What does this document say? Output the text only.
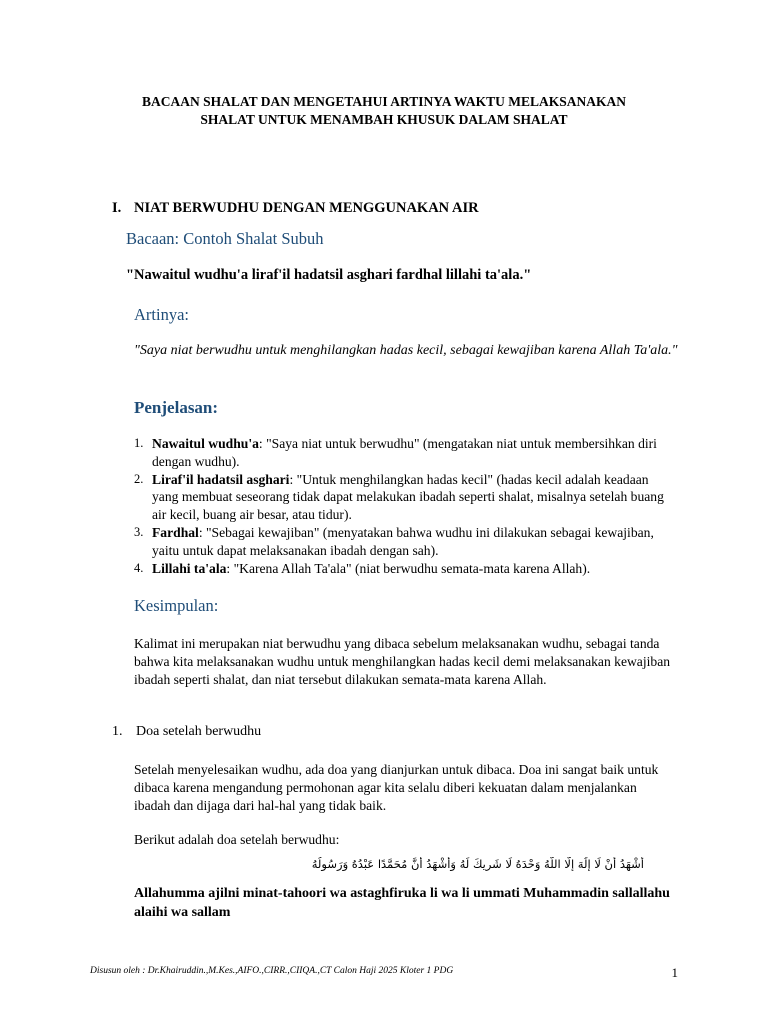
BACAAN SHALAT DAN MENGETAHUI ARTINYA WAKTU MELAKSANAKAN
SHALAT UNTUK MENAMBAH KHUSUK DALAM SHALAT
I. NIAT BERWUDHU DENGAN MENGGUNAKAN AIR
Bacaan: Contoh Shalat Subuh
"Nawaitul wudhu'a liraf'il hadatsil asghari fardhal lillahi ta'ala."
Artinya:
"Saya niat berwudhu untuk menghilangkan hadas kecil, sebagai kewajiban karena Allah Ta'ala."
Penjelasan:
1. Nawaitul wudhu'a: "Saya niat untuk berwudhu" (mengatakan niat untuk membersihkan diri dengan wudhu).
2. Liraf'il hadatsil asghari: "Untuk menghilangkan hadas kecil" (hadas kecil adalah keadaan yang membuat seseorang tidak dapat melakukan ibadah seperti shalat, misalnya setelah buang air kecil, buang air besar, atau tidur).
3. Fardhal: "Sebagai kewajiban" (menyatakan bahwa wudhu ini dilakukan sebagai kewajiban, yaitu untuk dapat melaksanakan ibadah dengan sah).
4. Lillahi ta'ala: "Karena Allah Ta'ala" (niat berwudhu semata-mata karena Allah).
Kesimpulan:
Kalimat ini merupakan niat berwudhu yang dibaca sebelum melaksanakan wudhu, sebagai tanda bahwa kita melaksanakan wudhu untuk menghilangkan hadas kecil demi melaksanakan kewajiban ibadah seperti shalat, dan niat tersebut dilakukan semata-mata karena Allah.
1. Doa setelah berwudhu
Setelah menyelesaikan wudhu, ada doa yang dianjurkan untuk dibaca. Doa ini sangat baik untuk dibaca karena mengandung permohonan agar kita selalu diberi kekuatan dalam menjalankan ibadah dan dijaga dari hal-hal yang tidak baik.
Berikut adalah doa setelah berwudhu:
أَشْهَدُ أَنْ لَا إِلَٰهَ إِلَّا اللَّهُ وَحْدَهُ لَا شَرِيكَ لَهُ وَأَشْهَدُ أَنَّ مُحَمَّدًا عَبْدُهُ وَرَسُولُهُ
Allahumma ajilni minat-tahoori wa astaghfiruka li wa li ummati Muhammadin sallallahu alaihi wa sallam
Disusun oleh : Dr.Khairuddin.,M.Kes.,AIFO.,CIRR.,CIIQA.,CT Calon Haji 2025 Kloter 1 PDG	1
